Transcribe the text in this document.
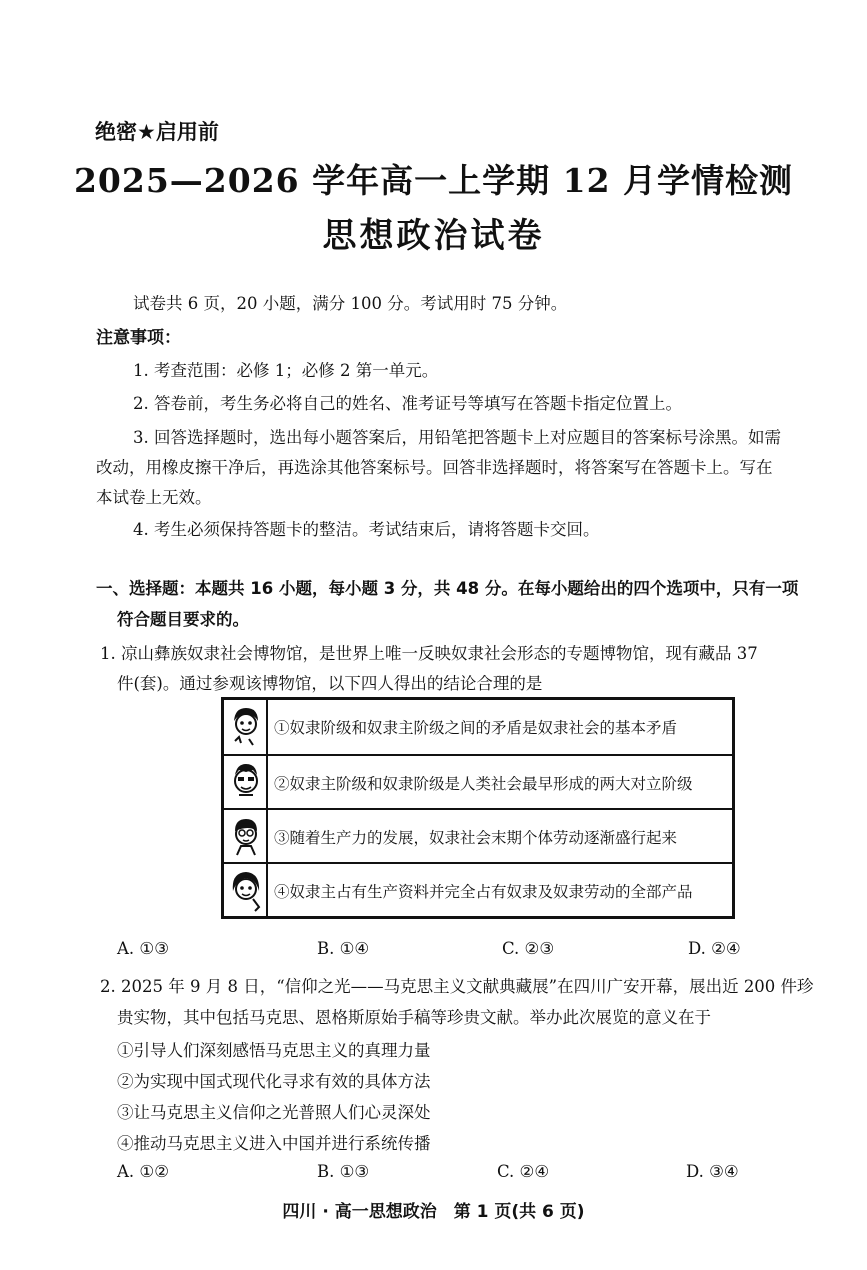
绝密★启用前
2025—2026 学年高一上学期 12 月学情检测
思想政治试卷
试卷共 6 页，20 小题，满分 100 分。考试用时 75 分钟。
注意事项：
1. 考查范围：必修 1；必修 2 第一单元。
2. 答卷前，考生务必将自己的姓名、准考证号等填写在答题卡指定位置上。
3. 回答选择题时，选出每小题答案后，用铅笔把答题卡上对应题目的答案标号涂黑。如需
改动，用橡皮擦干净后，再选涂其他答案标号。回答非选择题时，将答案写在答题卡上。写在
本试卷上无效。
4. 考生必须保持答题卡的整洁。考试结束后，请将答题卡交回。
一、选择题：本题共 16 小题，每小题 3 分，共 48 分。在每小题给出的四个选项中，只有一项
符合题目要求的。
1. 凉山彝族奴隶社会博物馆，是世界上唯一反映奴隶社会形态的专题博物馆，现有藏品 37
件(套)。通过参观该博物馆，以下四人得出的结论合理的是
①奴隶阶级和奴隶主阶级之间的矛盾是奴隶社会的基本矛盾
②奴隶主阶级和奴隶阶级是人类社会最早形成的两大对立阶级
③随着生产力的发展，奴隶社会末期个体劳动逐渐盛行起来
④奴隶主占有生产资料并完全占有奴隶及奴隶劳动的全部产品
A. ①③	B. ①④	C. ②③	D. ②④
2. 2025 年 9 月 8 日，“信仰之光——马克思主义文献典藏展”在四川广安开幕，展出近 200 件珍
贵实物，其中包括马克思、恩格斯原始手稿等珍贵文献。举办此次展览的意义在于
①引导人们深刻感悟马克思主义的真理力量
②为实现中国式现代化寻求有效的具体方法
③让马克思主义信仰之光普照人们心灵深处
④推动马克思主义进入中国并进行系统传播
A. ①②	B. ①③	C. ②④	D. ③④
四川 · 高一思想政治　第 1 页(共 6 页)
